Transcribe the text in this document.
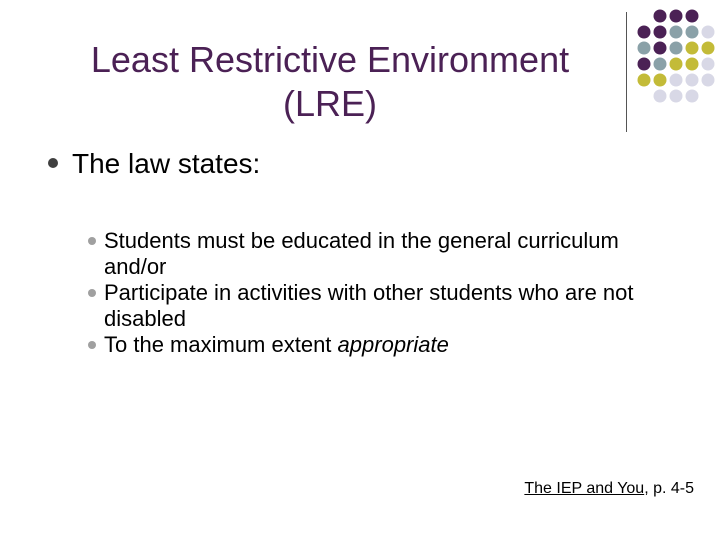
Least Restrictive Environment
(LRE)
The law states:

Students must be educated in the general curriculum and/or

Participate in activities with other students who are not disabled

To the maximum extent appropriate

The IEP and You, p. 4-5
